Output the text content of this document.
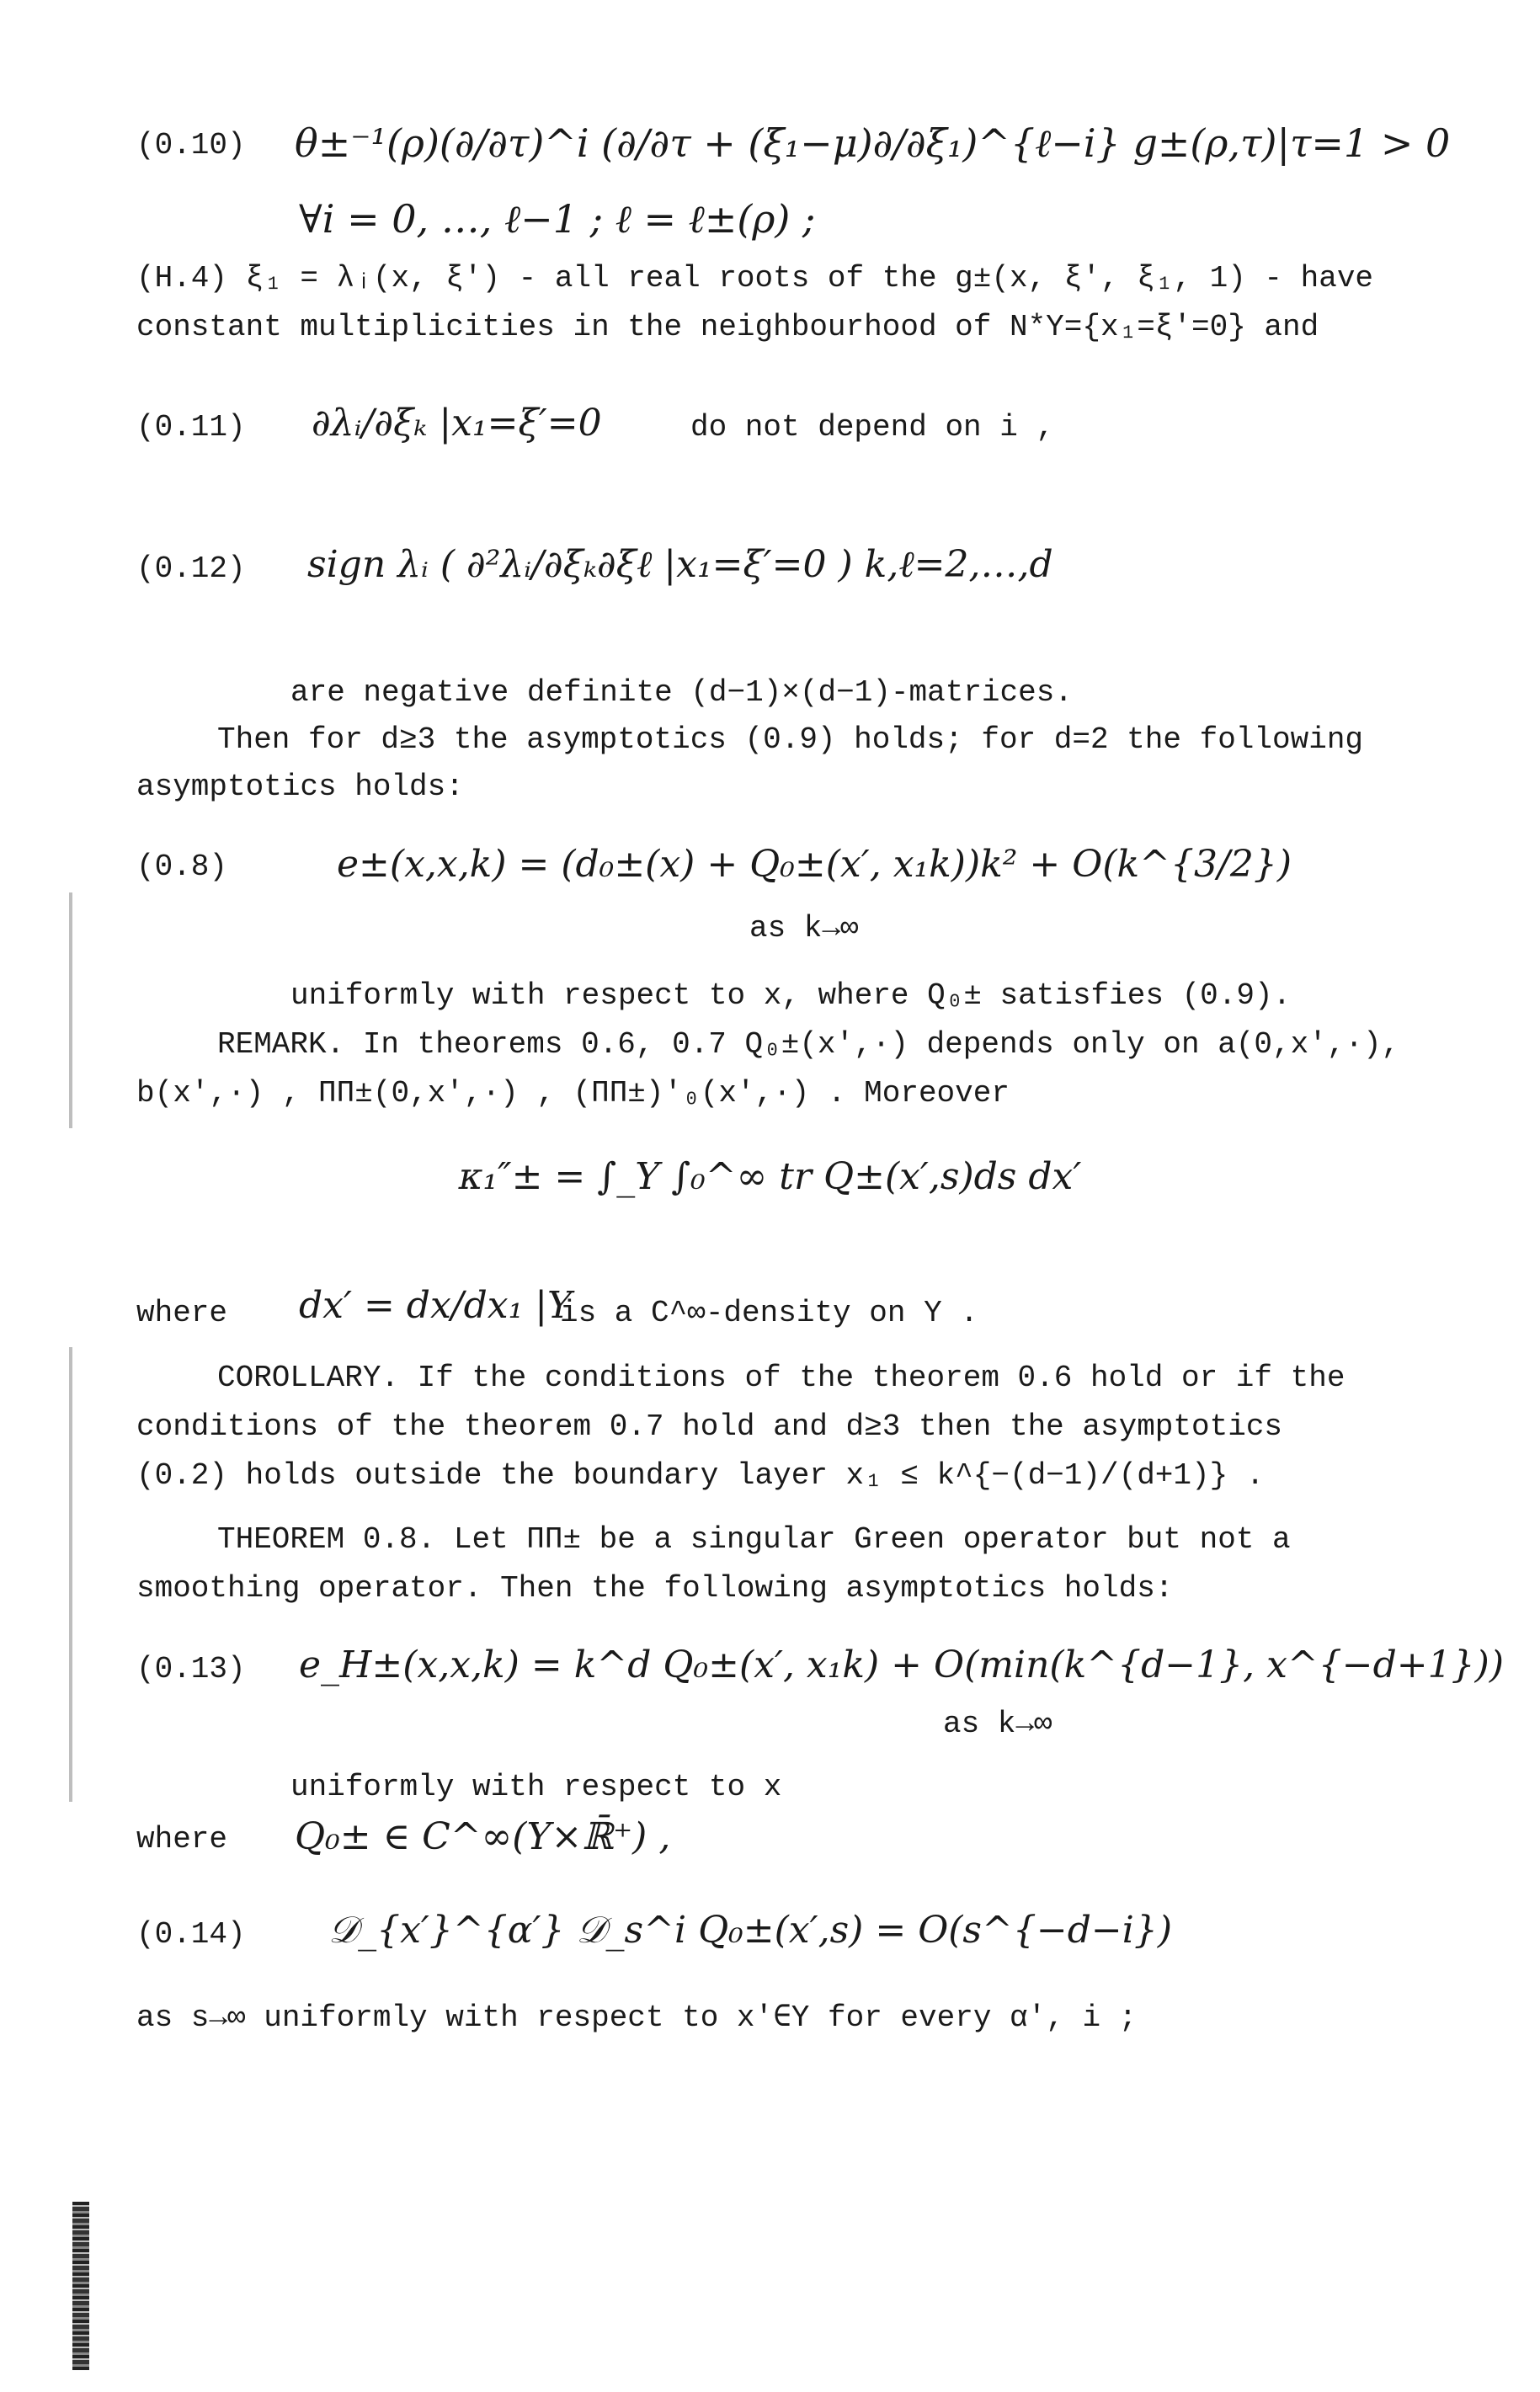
(0.10) θ±⁻¹(ρ)(∂/∂τ)^i (∂/∂τ + (ξ₁−μ)∂/∂ξ₁)^{ℓ−i} g±(ρ,τ)|τ=1 > 0
∀i = 0, …, ℓ−1 ; ℓ = ℓ±(ρ) ;
(H.4) ξ₁ = λᵢ(x, ξ′) - all real roots of the g±(x, ξ′, ξ₁, 1) - have
constant multiplicities in the neighbourhood of N*Y={x₁=ξ′=0} and
(0.11) ∂λᵢ/∂ξₖ |x₁=ξ′=0	do not depend on i ,
(0.12) sign λᵢ ( ∂²λᵢ/∂ξₖ∂ξℓ |x₁=ξ′=0 ) k,ℓ=2,…,d
are negative definite (d−1)×(d−1)-matrices.
Then for d≥3 the asymptotics (0.9) holds; for d=2 the following
asymptotics holds:
(0.8)	e±(x,x,k) = (d₀±(x) + Q₀±(x′, x₁k))k² + O(k^{3/2})
as k→∞
uniformly with respect to x, where Q₀± satisfies (0.9).
REMARK. In theorems 0.6, 0.7 Q₀±(x′,·) depends only on a(0,x′,·),
b(x′,·) , ΠΠ±(0,x′,·) , (ΠΠ±)′₀(x′,·) . Moreover
κ₁″± = ∫_Y ∫₀^∞ tr Q±(x′,s)ds dx′
where dx′ = dx/dx₁ |Y
is a C^∞-density on Y .
COROLLARY. If the conditions of the theorem 0.6 hold or if the
conditions of the theorem 0.7 hold and d≥3 then the asymptotics
(0.2) holds outside the boundary layer x₁ ≤ k^{−(d−1)/(d+1)} .
THEOREM 0.8. Let ΠΠ± be a singular Green operator but not a
smoothing operator. Then the following asymptotics holds:
(0.13) e_H±(x,x,k) = k^d Q₀±(x′, x₁k) + O(min(k^{d−1}, x^{−d+1}))
as k→∞
uniformly with respect to x
where Q₀± ∈ C^∞(Y×ℝ̄⁺) ,
(0.14) 𝒟_{x′}^{α′} 𝒟_s^i Q₀±(x′,s) = O(s^{−d−i})
as s→∞ uniformly with respect to x′∈Y for every α′, i ;
